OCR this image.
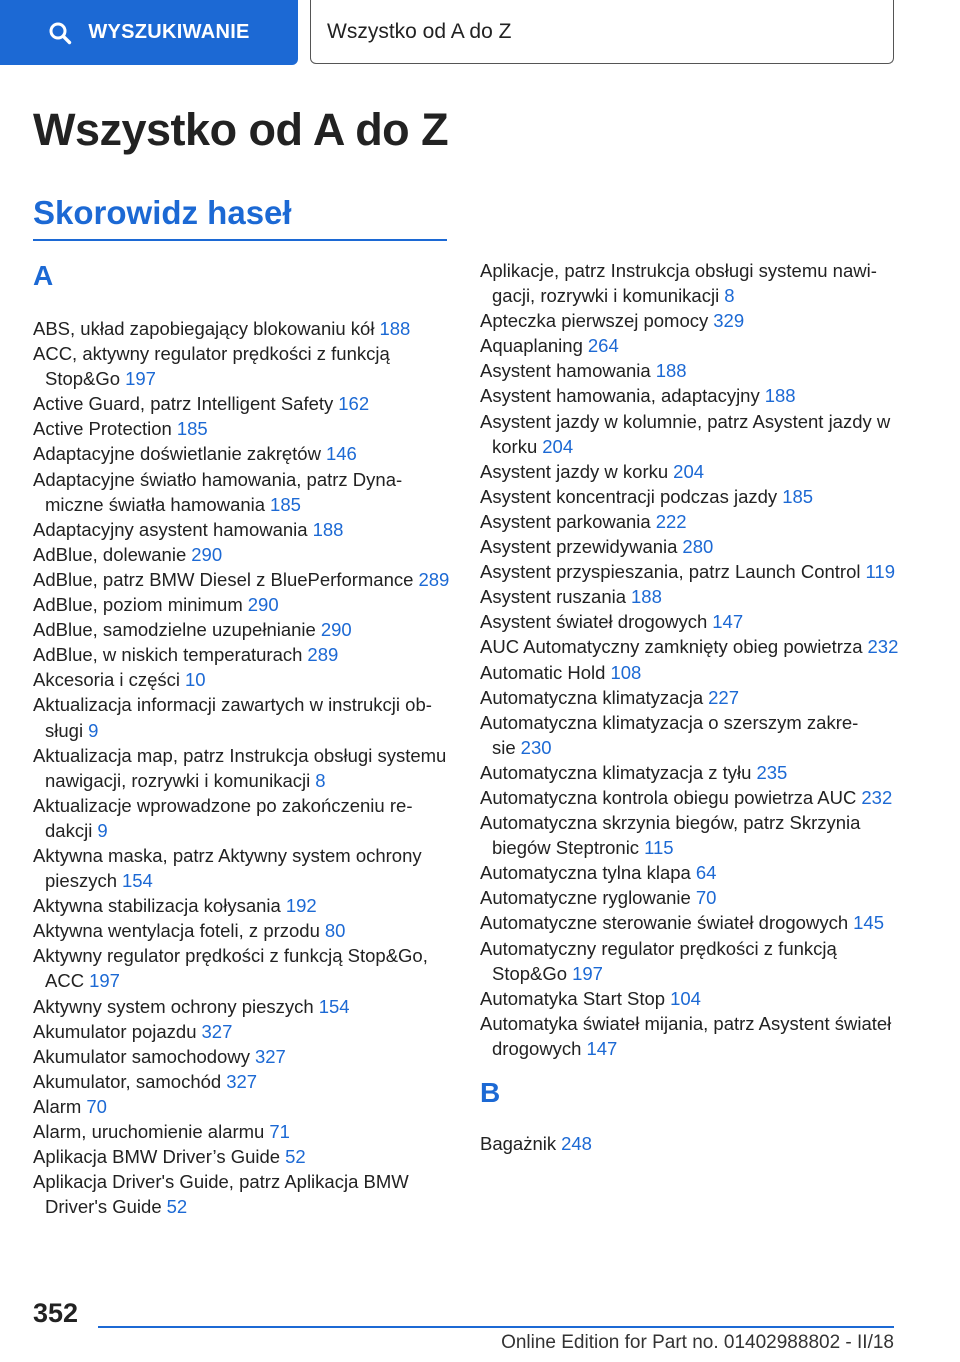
WYSZUKIWANIE	Wszystko od A do Z
Wszystko od A do Z
Skorowidz haseł
A
ABS, układ zapobiegający blokowaniu kół 188
ACC, aktywny regulator prędkości z funkcją Stop&Go 197
Active Guard, patrz Intelligent Safety 162
Active Protection 185
Adaptacyjne doświetlanie zakrętów 146
Adaptacyjne światło hamowania, patrz Dynamiczne światła hamowania 185
Adaptacyjny asystent hamowania 188
AdBlue, dolewanie 290
AdBlue, patrz BMW Diesel z BluePerformance 289
AdBlue, poziom minimum 290
AdBlue, samodzielne uzupełnianie 290
AdBlue, w niskich temperaturach 289
Akcesoria i części 10
Aktualizacja informacji zawartych w instrukcji obsługi 9
Aktualizacja map, patrz Instrukcja obsługi systemu nawigacji, rozrywki i komunikacji 8
Aktualizacje wprowadzone po zakończeniu redakcji 9
Aktywna maska, patrz Aktywny system ochrony pieszych 154
Aktywna stabilizacja kołysania 192
Aktywna wentylacja foteli, z przodu 80
Aktywny regulator prędkości z funkcją Stop&Go, ACC 197
Aktywny system ochrony pieszych 154
Akumulator pojazdu 327
Akumulator samochodowy 327
Akumulator, samochód 327
Alarm 70
Alarm, uruchomienie alarmu 71
Aplikacja BMW Driver’s Guide 52
Aplikacja Driver's Guide, patrz Aplikacja BMW Driver's Guide 52
Aplikacje, patrz Instrukcja obsługi systemu nawigacji, rozrywki i komunikacji 8
Apteczka pierwszej pomocy 329
Aquaplaning 264
Asystent hamowania 188
Asystent hamowania, adaptacyjny 188
Asystent jazdy w kolumnie, patrz Asystent jazdy w korku 204
Asystent jazdy w korku 204
Asystent koncentracji podczas jazdy 185
Asystent parkowania 222
Asystent przewidywania 280
Asystent przyspieszania, patrz Launch Control 119
Asystent ruszania 188
Asystent świateł drogowych 147
AUC Automatyczny zamknięty obieg powietrza 232
Automatic Hold 108
Automatyczna klimatyzacja 227
Automatyczna klimatyzacja o szerszym zakresie 230
Automatyczna klimatyzacja z tyłu 235
Automatyczna kontrola obiegu powietrza AUC 232
Automatyczna skrzynia biegów, patrz Skrzynia biegów Steptronic 115
Automatyczna tylna klapa 64
Automatyczne ryglowanie 70
Automatyczne sterowanie świateł drogowych 145
Automatyczny regulator prędkości z funkcją Stop&Go 197
Automatyka Start Stop 104
Automatyka świateł mijania, patrz Asystent świateł drogowych 147
B
Bagażnik 248
352
Online Edition for Part no. 01402988802 - II/18
